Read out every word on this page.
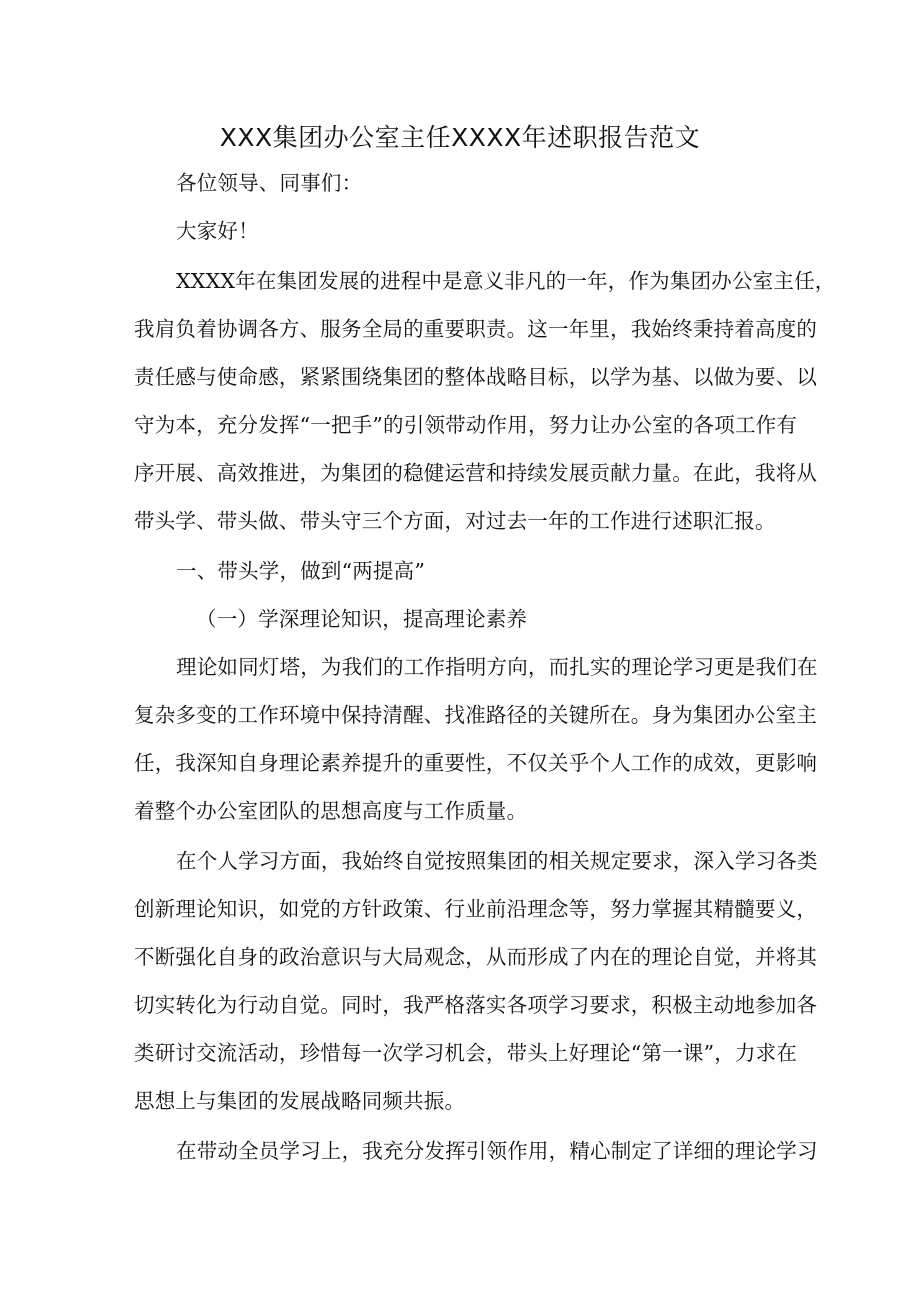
XXX集团办公室主任XXXX年述职报告范文
各位领导、同事们：
大家好！
XXXX年在集团发展的进程中是意义非凡的一年，作为集团办公室主任，
我肩负着协调各方、服务全局的重要职责。这一年里，我始终秉持着高度的
责任感与使命感，紧紧围绕集团的整体战略目标，以学为基、以做为要、以
守为本，充分发挥“一把手”的引领带动作用，努力让办公室的各项工作有
序开展、高效推进，为集团的稳健运营和持续发展贡献力量。在此，我将从
带头学、带头做、带头守三个方面，对过去一年的工作进行述职汇报。
一、带头学，做到“两提高”
（一）学深理论知识，提高理论素养
理论如同灯塔，为我们的工作指明方向，而扎实的理论学习更是我们在
复杂多变的工作环境中保持清醒、找准路径的关键所在。身为集团办公室主
任，我深知自身理论素养提升的重要性，不仅关乎个人工作的成效，更影响
着整个办公室团队的思想高度与工作质量。
在个人学习方面，我始终自觉按照集团的相关规定要求，深入学习各类
创新理论知识，如党的方针政策、行业前沿理念等，努力掌握其精髓要义，
不断强化自身的政治意识与大局观念，从而形成了内在的理论自觉，并将其
切实转化为行动自觉。同时，我严格落实各项学习要求，积极主动地参加各
类研讨交流活动，珍惜每一次学习机会，带头上好理论“第一课”，力求在
思想上与集团的发展战略同频共振。
在带动全员学习上，我充分发挥引领作用，精心制定了详细的理论学习
